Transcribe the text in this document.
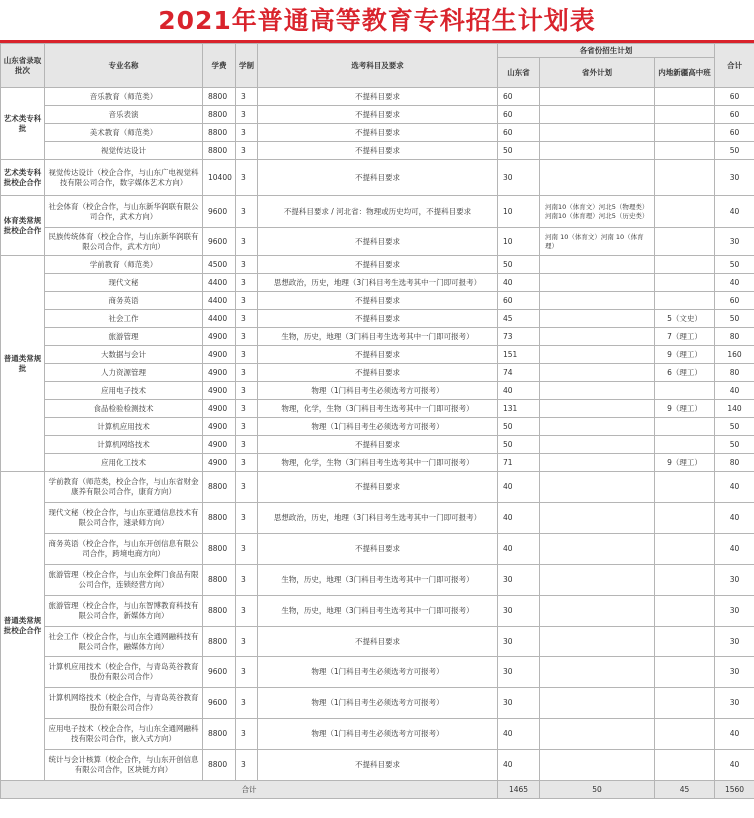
2021年普通高等教育专科招生计划表
山东省录取批次	专业名称	学费	学制	选考科目及要求	各省份招生计划			合计
					山东省	省外计划	内地新疆高中班	
艺术类专科批	音乐教育（师范类）	8800	3	不提科目要求	60			60
	音乐表演	8800	3	不提科目要求	60			60
	美术教育（师范类）	8800	3	不提科目要求	60			60
	视觉传达设计	8800	3	不提科目要求	50			50
艺术类专科批校企合作	视觉传达设计（校企合作，与山东广电视觉科技有限公司合作，数字媒体艺术方向）	10400	3	不提科目要求	30			30
体育类常规批校企合作	社会体育（校企合作，与山东新华润联有限公司合作，武术方向）	9600	3	不提科目要求 / 河北省：物理或历史均可，不提科目要求	10	河南10（体育文）河北5（物理类）河南10（体育理）河北5（历史类）		40
	民族传统体育（校企合作，与山东新华润联有限公司合作，武术方向）	9600	3	不提科目要求	10	河南 10（体育文）河南 10（体育理）		30
普通类常规批	学前教育（师范类）	4500	3	不提科目要求	50			50
	现代文秘	4400	3	思想政治，历史，地理（3门科目考生选考其中一门即可报考）	40			40
	商务英语	4400	3	不提科目要求	60			60
	社会工作	4400	3	不提科目要求	45		5（文史）	50
	旅游管理	4900	3	生物，历史，地理（3门科目考生选考其中一门即可报考）	73		7（理工）	80
	大数据与会计	4900	3	不提科目要求	151		9（理工）	160
	人力资源管理	4900	3	不提科目要求	74		6（理工）	80
	应用电子技术	4900	3	物理（1门科目考生必须选考方可报考）	40			40
	食品检验检测技术	4900	3	物理，化学，生物（3门科目考生选考其中一门即可报考）	131		9（理工）	140
	计算机应用技术	4900	3	物理（1门科目考生必须选考方可报考）	50			50
	计算机网络技术	4900	3	不提科目要求	50			50
	应用化工技术	4900	3	物理，化学，生物（3门科目考生选考其中一门即可报考）	71		9（理工）	80
普通类常规批校企合作	学前教育（师范类，校企合作，与山东省财金康养有限公司合作，康育方向）	8800	3	不提科目要求	40			40
	现代文秘（校企合作，与山东亚通信息技术有限公司合作，速录师方向）	8800	3	思想政治，历史，地理（3门科目考生选考其中一门即可报考）	40			40
	商务英语（校企合作，与山东开创信息有限公司合作，跨境电商方向）	8800	3	不提科目要求	40			40
	旅游管理（校企合作，与山东金辉门食品有限公司合作，连锁经营方向）	8800	3	生物，历史，地理（3门科目考生选考其中一门即可报考）	30			30
	旅游管理（校企合作，与山东智博教育科技有限公司合作，新媒体方向）	8800	3	生物，历史，地理（3门科目考生选考其中一门即可报考）	30			30
	社会工作（校企合作，与山东全通网融科技有限公司合作，融媒体方向）	8800	3	不提科目要求	30			30
	计算机应用技术（校企合作，与青岛英谷教育股份有限公司合作）	9600	3	物理（1门科目考生必须选考方可报考）	30			30
	计算机网络技术（校企合作，与青岛英谷教育股份有限公司合作）	9600	3	物理（1门科目考生必须选考方可报考）	30			30
	应用电子技术（校企合作，与山东全通网融科技有限公司合作，嵌入式方向）	8800	3	物理（1门科目考生必须选考方可报考）	40			40
	统计与会计核算（校企合作，与山东开创信息有限公司合作，区块链方向）	8800	3	不提科目要求	40			40
合计					1465	50	45	1560
